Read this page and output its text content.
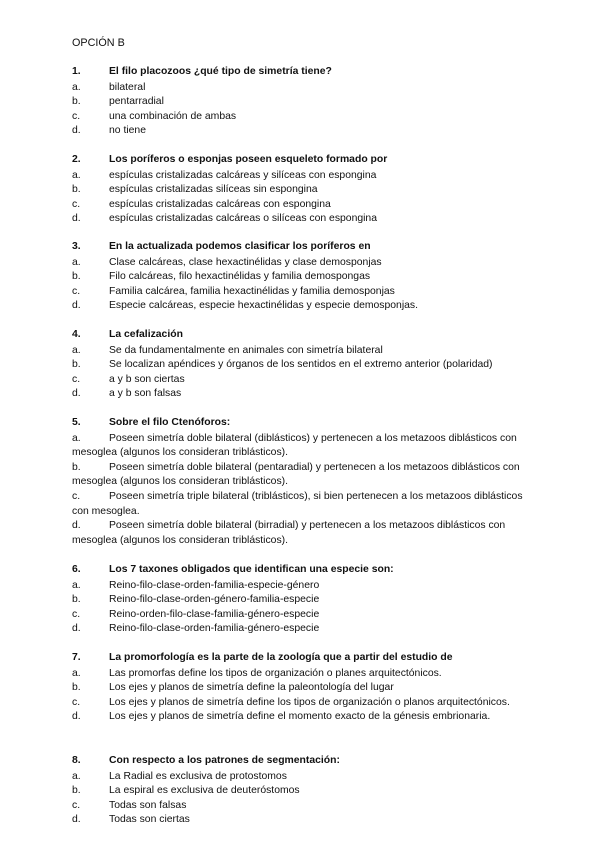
OPCIÓN B
1.	El filo placozoos ¿qué tipo de simetría tiene?
a.	bilateral
b.	pentarradial
c.	una combinación de ambas
d.	no tiene
2.	Los poríferos o esponjas poseen esqueleto formado por
a.	espículas cristalizadas calcáreas y silíceas con espongina
b.	espículas cristalizadas silíceas sin espongina
c.	espículas cristalizadas calcáreas con espongina
d.	espículas cristalizadas calcáreas o silíceas con espongina
3.	En la actualizada podemos clasificar los poríferos en
a.	Clase calcáreas, clase hexactinélidas y clase demosponjas
b.	Filo calcáreas, filo hexactinélidas y familia demospongas
c.	Familia calcárea, familia hexactinélidas y familia demosponjas
d.	Especie calcáreas, especie hexactinélidas y especie demosponjas.
4.	La cefalización
a.	Se da fundamentalmente en animales con simetría bilateral
b.	Se localizan apéndices y órganos de los sentidos en el extremo anterior (polaridad)
c.	a y b son ciertas
d.	a y b son falsas
5.	Sobre el filo Ctenóforos:
a.	Poseen simetría doble bilateral (diblásticos) y pertenecen a los metazoos diblásticos con mesoglea (algunos los consideran triblásticos).
b.	Poseen simetría doble bilateral (pentaradial) y pertenecen a los metazoos diblásticos con mesoglea (algunos los consideran triblásticos).
c.	Poseen simetría triple bilateral (triblásticos), si bien pertenecen a los metazoos diblásticos con mesoglea.
d.	Poseen simetría doble bilateral (birradial) y pertenecen a los metazoos diblásticos con mesoglea (algunos los consideran triblásticos).
6.	Los 7 taxones obligados que identifican una especie son:
a.	Reino-filo-clase-orden-familia-especie-género
b.	Reino-filo-clase-orden-género-familia-especie
c.	Reino-orden-filo-clase-familia-género-especie
d.	Reino-filo-clase-orden-familia-género-especie
7.	La promorfología es la parte de la zoología que a partir del estudio de
a.	Las promorfas define los tipos de organización o planes arquitectónicos.
b.	Los ejes y planos de simetría define la paleontología del lugar
c.	Los ejes y planos de simetría define los tipos de organización o planos arquitectónicos.
d.	Los ejes y planos de simetría define el momento exacto de la génesis embrionaria.
8.	Con respecto a los patrones de segmentación:
a.	La Radial es exclusiva de protostomos
b.	La espiral es exclusiva de deuteróstomos
c.	Todas son falsas
d.	Todas son ciertas
